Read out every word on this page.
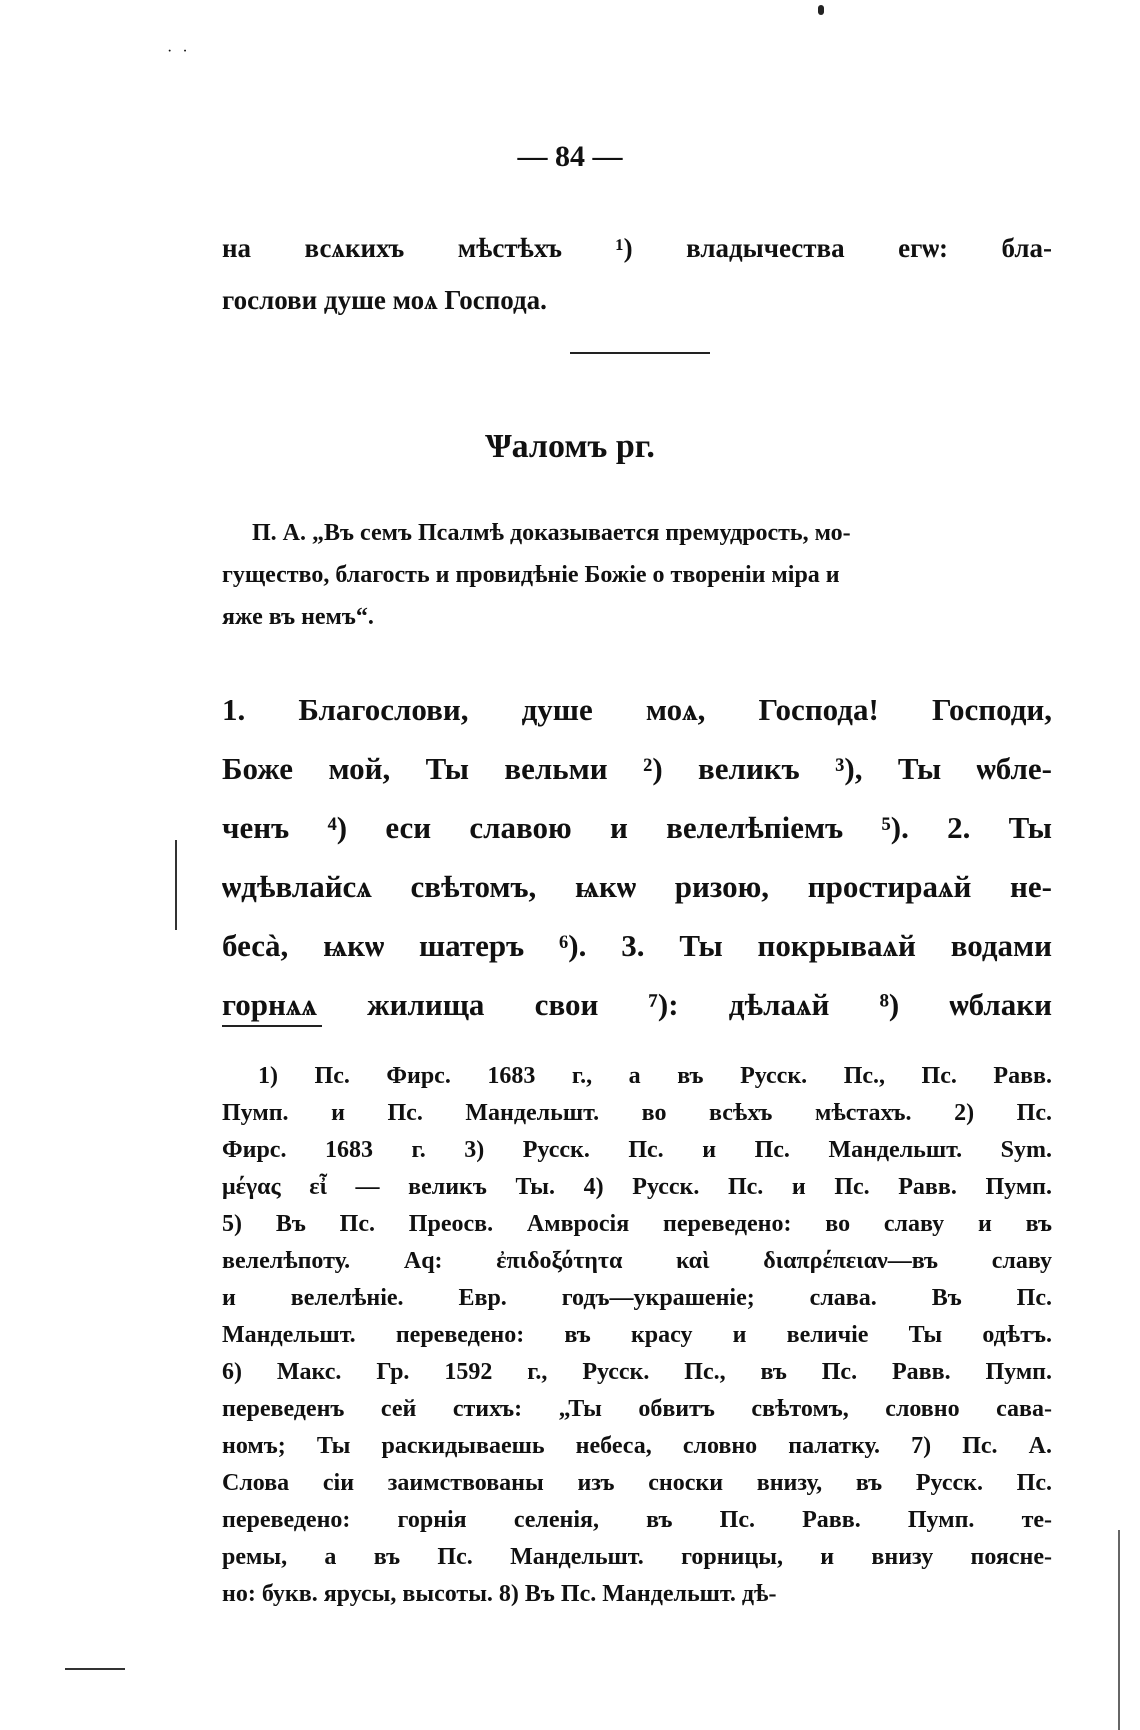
· ·
— 84 —
на всѧкихъ мѣстѣхъ ¹) владычества егѡ: бла-
гослови душе моѧ Господа.
Ѱаломъ рг.
П. А. „Въ семъ Псалмѣ доказывается премудрость, мо-
гущество, благость и провидѣніе Божіе о твореніи міра и
яже въ немъ“.
1. Благослови, душе моѧ, Господа! Господи,
Боже мой, Ты вельми ²) великъ ³), Ты ѡбле-
ченъ ⁴) еси славою и велелѣпіемъ ⁵). 2. Ты
ѡдѣвлайсѧ свѣтомъ, ѩкѡ ризою, простираѧй не-
бесà, ѩкѡ шатеръ ⁶). 3. Ты покрываѧй водами
горнѧѧ жилища свои ⁷): дѣлаѧй ⁸) ѡблаки
1) Пс. Фирс. 1683 г., а въ Русск. Пс., Пс. Равв.
Пумп. и Пс. Мандельшт. во всѣхъ мѣстахъ. 2) Пс.
Фирс. 1683 г. 3) Русск. Пс. и Пс. Мандельшт. Sym.
μέγας εἶ — великъ Ты. 4) Русск. Пс. и Пс. Равв. Пумп.
5) Въ Пс. Преосв. Амвросія переведено: во славу и въ
велелѣпоту. Aq: ἐπιδοξότητα καὶ διαπρέπειαν—въ славу
и велелѣніе. Евр. годъ—украшеніе; слава. Въ Пс.
Мандельшт. переведено: въ красу и величіе Ты одѣтъ.
6) Макс. Гр. 1592 г., Русск. Пс., въ Пс. Равв. Пумп.
переведенъ сей стихъ: „Ты обвитъ свѣтомъ, словно сава-
номъ; Ты раскидываешь небеса, словно палатку. 7) Пс. А.
Слова сіи заимствованы изъ сноски внизу, въ Русск. Пс.
переведено: горнія селенія, въ Пс. Равв. Пумп. те-
ремы, а въ Пс. Мандельшт. горницы, и внизу поясне-
но: букв. ярусы, высоты. 8) Въ Пс. Мандельшт. дѣ-
